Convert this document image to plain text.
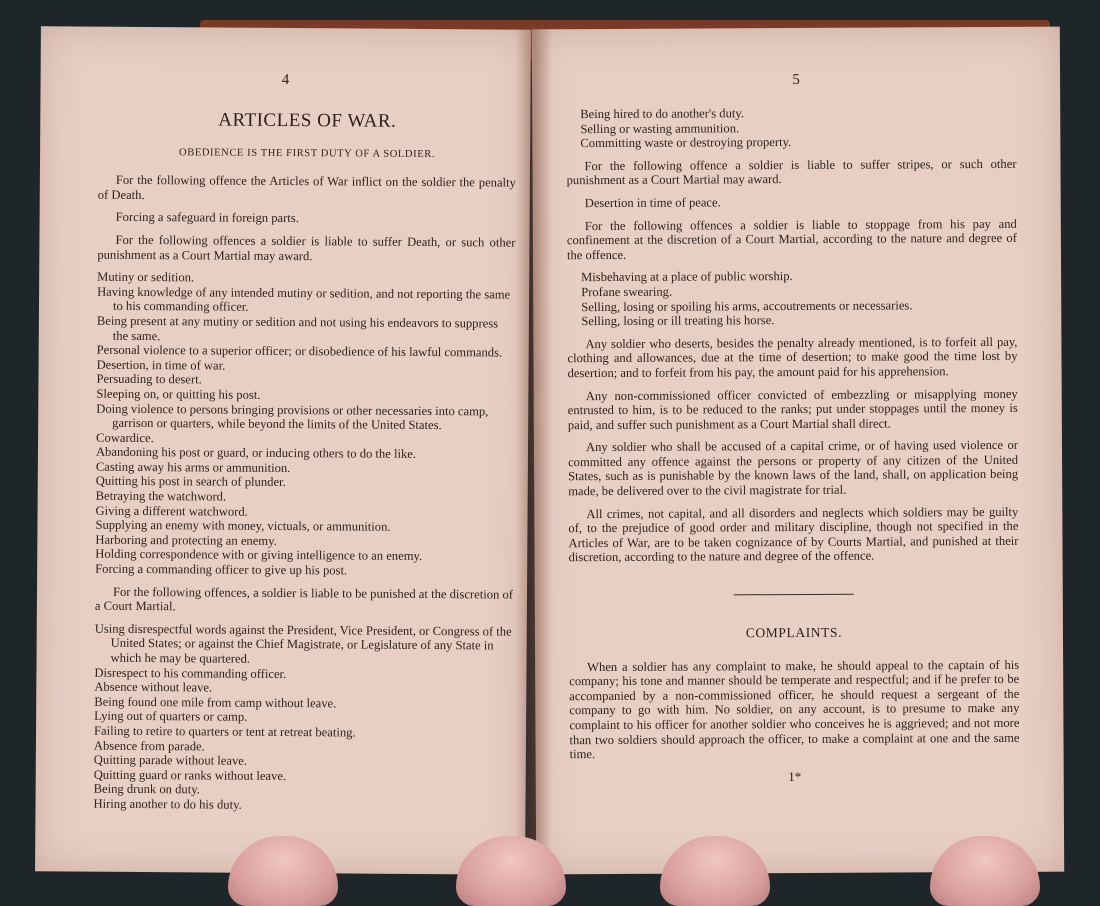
4
ARTICLES OF WAR.
OBEDIENCE IS THE FIRST DUTY OF A SOLDIER.

For the following offence the Articles of War inflict on the soldier the penalty of Death.

Forcing a safeguard in foreign parts.

For the following offences a soldier is liable to suffer Death, or such other punishment as a Court Martial may award.

Mutiny or sedition.
Having knowledge of any intended mutiny or sedition, and not reporting the same to his commanding officer.
Being present at any mutiny or sedition and not using his endeavors to suppress the same.
Personal violence to a superior officer; or disobedience of his lawful commands.
Desertion, in time of war.
Persuading to desert.
Sleeping on, or quitting his post.
Doing violence to persons bringing provisions or other necessaries into camp, garrison or quarters, while beyond the limits of the United States.
Cowardice.
Abandoning his post or guard, or inducing others to do the like.
Casting away his arms or ammunition.
Quitting his post in search of plunder.
Betraying the watchword.
Giving a different watchword.
Supplying an enemy with money, victuals, or ammunition.
Harboring and protecting an enemy.
Holding correspondence with or giving intelligence to an enemy.
Forcing a commanding officer to give up his post.

For the following offences, a soldier is liable to be punished at the discretion of a Court Martial.

Using disrespectful words against the President, Vice President, or Congress of the United States; or against the Chief Magistrate, or Legislature of any State in which he may be quartered.
Disrespect to his commanding officer.
Absence without leave.
Being found one mile from camp without leave.
Lying out of quarters or camp.
Failing to retire to quarters or tent at retreat beating.
Absence from parade.
Quitting parade without leave.
Quitting guard or ranks without leave.
Being drunk on duty.
Hiring another to do his duty.
5
Being hired to do another's duty.
Selling or wasting ammunition.
Committing waste or destroying property.

For the following offence a soldier is liable to suffer stripes, or such other punishment as a Court Martial may award.

Desertion in time of peace.

For the following offences a soldier is liable to stoppage from his pay and confinement at the discretion of a Court Martial, according to the nature and degree of the offence.

Misbehaving at a place of public worship.
Profane swearing.
Selling, losing or spoiling his arms, accoutrements or necessaries.
Selling, losing or ill treating his horse.

Any soldier who deserts, besides the penalty already mentioned, is to forfeit all pay, clothing and allowances, due at the time of desertion; to make good the time lost by desertion; and to forfeit from his pay, the amount paid for his apprehension.

Any non-commissioned officer convicted of embezzling or misapplying money entrusted to him, is to be reduced to the ranks; put under stoppages until the money is paid, and suffer such punishment as a Court Martial shall direct.

Any soldier who shall be accused of a capital crime, or of having used violence or committed any offence against the persons or property of any citizen of the United States, such as is punishable by the known laws of the land, shall, on application being made, be delivered over to the civil magistrate for trial.

All crimes, not capital, and all disorders and neglects which soldiers may be guilty of, to the prejudice of good order and military discipline, though not specified in the Articles of War, are to be taken cognizance of by Courts Martial, and punished at their discretion, according to the nature and degree of the offence.

COMPLAINTS.

When a soldier has any complaint to make, he should appeal to the captain of his company; his tone and manner should be temperate and respectful; and if he prefer to be accompanied by a non-commissioned officer, he should request a sergeant of the company to go with him. No soldier, on any account, is to presume to make any complaint to his officer for another soldier who conceives he is aggrieved; and not more than two soldiers should approach the officer, to make a complaint at one and the same time.

1*
